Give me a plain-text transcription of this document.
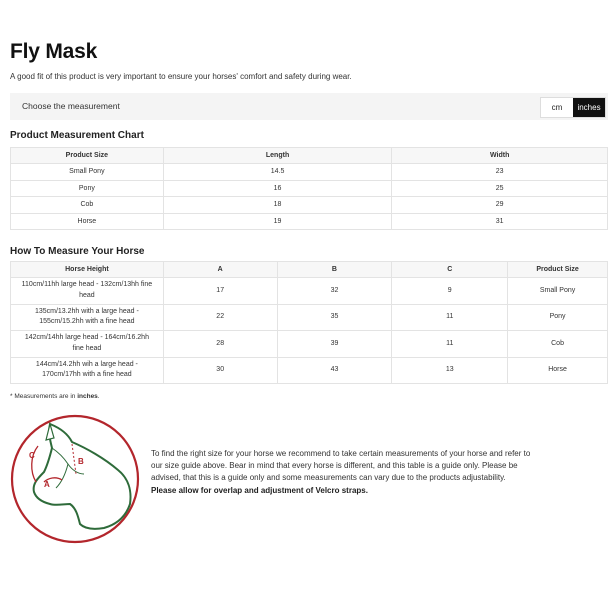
Fly Mask
A good fit of this product is very important to ensure your horses' comfort and safety during wear.
Choose the measurement	cm	inches
Product Measurement Chart
Product Size	Length	Width
Small Pony	14.5	23
Pony	16	25
Cob	18	29
Horse	19	31
How To Measure Your Horse
Horse Height	A	B	C	Product Size
110cm/11hh large head - 132cm/13hh fine head	17	32	9	Small Pony
135cm/13.2hh with a large head - 155cm/15.2hh with a fine head	22	35	11	Pony
142cm/14hh large head - 164cm/16.2hh fine head	28	39	11	Cob
144cm/14.2hh wih a large head - 170cm/17hh with a fine head	30	43	13	Horse
* Measurements are in inches.
C
A
B
To find the right size for your horse we recommend to take certain measurements of your horse and refer to our size guide above. Bear in mind that every horse is different, and this table is a guide only. Please be advised, that this is a guide only and some measurements can vary due to the products adjustability.
Please allow for overlap and adjustment of Velcro straps.
